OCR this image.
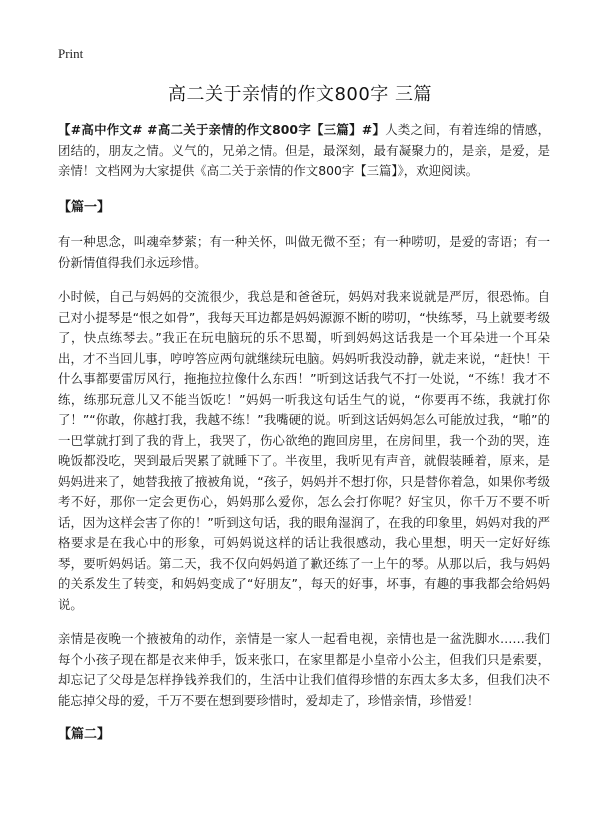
Print
高二关于亲情的作文800字 三篇

【#高中作文# #高二关于亲情的作文800字【三篇】#】人类之间，有着连绵的情感，团结的，朋友之情。义气的，兄弟之情。但是，最深刻，最有凝聚力的，是亲，是爱，是亲情！文档网为大家提供《高二关于亲情的作文800字【三篇】》，欢迎阅读。

【篇一】

有一种思念，叫魂牵梦萦；有一种关怀，叫做无微不至；有一种唠叨，是爱的寄语；有一份新情值得我们永远珍惜。

小时候，自己与妈妈的交流很少，我总是和爸爸玩，妈妈对我来说就是严厉，很恐怖。自己对小提琴是“恨之如骨”，我每天耳边都是妈妈源源不断的唠叨，“快练琴，马上就要考级了，快点练琴去。”我正在玩电脑玩的乐不思蜀，听到妈妈这话我是一个耳朵进一个耳朵出，才不当回儿事，哼哼答应两句就继续玩电脑。妈妈听我没动静，就走来说，“赶快！干什么事都要雷厉风行，拖拖拉拉像什么东西！”听到这话我气不打一处说，“不练！我才不练，练那玩意儿又不能当饭吃！”妈妈一听我这句话生气的说，“你要再不练，我就打你了！”“你敢，你越打我，我越不练！”我嘴硬的说。听到这话妈妈怎么可能放过我，“啪”的一巴掌就打到了我的背上，我哭了，伤心欲绝的跑回房里，在房间里，我一个劲的哭，连晚饭都没吃，哭到最后哭累了就睡下了。半夜里，我听见有声音，就假装睡着，原来，是妈妈进来了，她替我掖了掖被角说，“孩子，妈妈并不想打你，只是替你着急，如果你考级考不好，那你一定会更伤心，妈妈那么爱你，怎么会打你呢？好宝贝，你千万不要不听话，因为这样会害了你的！”听到这句话，我的眼角湿润了，在我的印象里，妈妈对我的严格要求是在我心中的形象，可妈妈说这样的话让我很感动，我心里想，明天一定好好练琴，要听妈妈话。第二天，我不仅向妈妈道了歉还练了一上午的琴。从那以后，我与妈妈的关系发生了转变，和妈妈变成了“好朋友”，每天的好事，坏事，有趣的事我都会给妈妈说。

亲情是夜晚一个掖被角的动作，亲情是一家人一起看电视，亲情也是一盆洗脚水……我们每个小孩子现在都是衣来伸手，饭来张口，在家里都是小皇帝小公主，但我们只是索要，却忘记了父母是怎样挣钱养我们的，生活中让我们值得珍惜的东西太多太多，但我们决不能忘掉父母的爱，千万不要在想到要珍惜时，爱却走了，珍惜亲情，珍惜爱！

【篇二】
